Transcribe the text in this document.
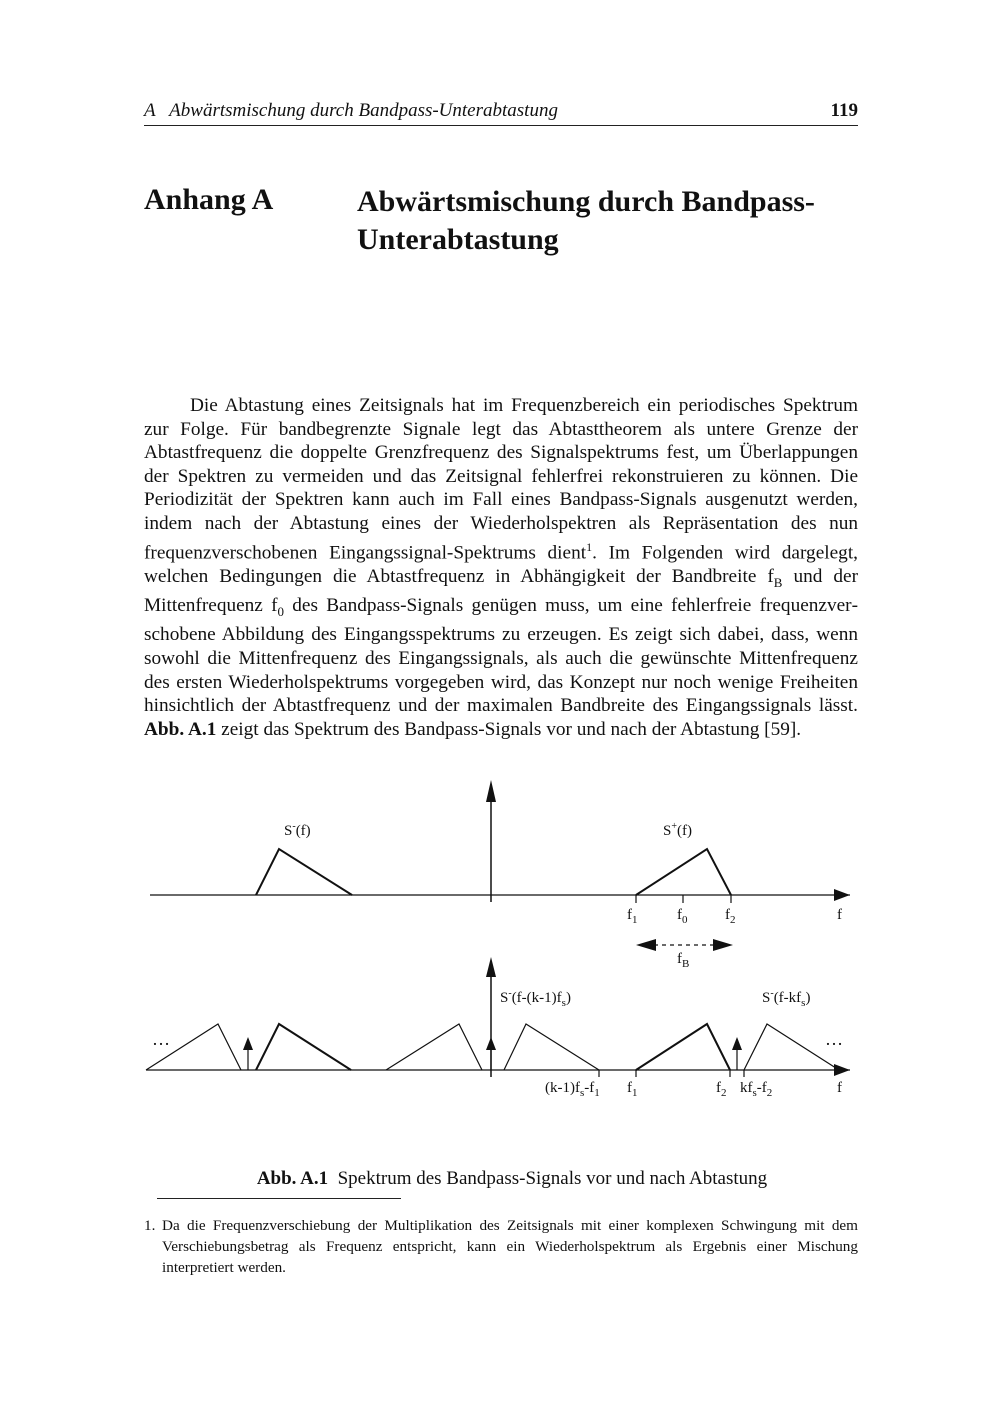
A   Abwärtsmischung durch Bandpass-Unterabtastung	119
Anhang A	Abwärtsmischung durch Bandpass-
Unterabtastung

Die Abtastung eines Zeitsignals hat im Frequenzbereich ein periodisches Spektrum zur Folge. Für bandbegrenzte Signale legt das Abtasttheorem als untere Grenze der Abtastfrequenz die doppelte Grenzfrequenz des Signalspektrums fest, um Überlappungen der Spektren zu vermeiden und das Zeitsignal fehlerfrei rekonstruieren zu können. Die Periodizität der Spektren kann auch im Fall eines Bandpass-Signals ausgenutzt werden, indem nach der Abtastung eines der Wiederholspektren als Repräsentation des nun frequenzverschobenen Eingangssignal-Spektrums dient$^1$. Im Folgenden wird dargelegt, welchen Bedingungen die Abtastfrequenz in Abhängigkeit der Bandbreite $f_B$ und der Mittenfrequenz $f_0$ des Bandpass-Signals genügen muss, um eine fehlerfreie frequenzverschobene Abbildung des Eingangsspektrums zu erzeugen. Es zeigt sich dabei, dass, wenn sowohl die Mittenfrequenz des Eingangssignals, als auch die gewünschte Mittenfrequenz des ersten Wiederholspektrums vorgegeben wird, das Konzept nur noch wenige Freiheiten hinsichtlich der Abtastfrequenz und der maximalen Bandbreite des Eingangssignals lässt. Abb. A.1 zeigt das Spektrum des Bandpass-Signals vor und nach der Abtastung [59].

S-(f)	S+(f)
$f_1$	$f_0$	$f_2$	f
$f_B$
…	…
$S^-(f-(k-1)f_s)$	$S^-(f-kf_s)$
$(k-1)f_s-f_1$ $f_1$	$f_2$ $kf_s-f_2$	f
Abb. A.1  Spektrum des Bandpass-Signals vor und nach Abtastung
1. Da die Frequenzverschiebung der Multiplikation des Zeitsignals mit einer komplexen Schwingung mit dem Verschiebungsbetrag als Frequenz entspricht, kann ein Wiederholspektrum als Ergebnis einer Mischung interpretiert werden.
